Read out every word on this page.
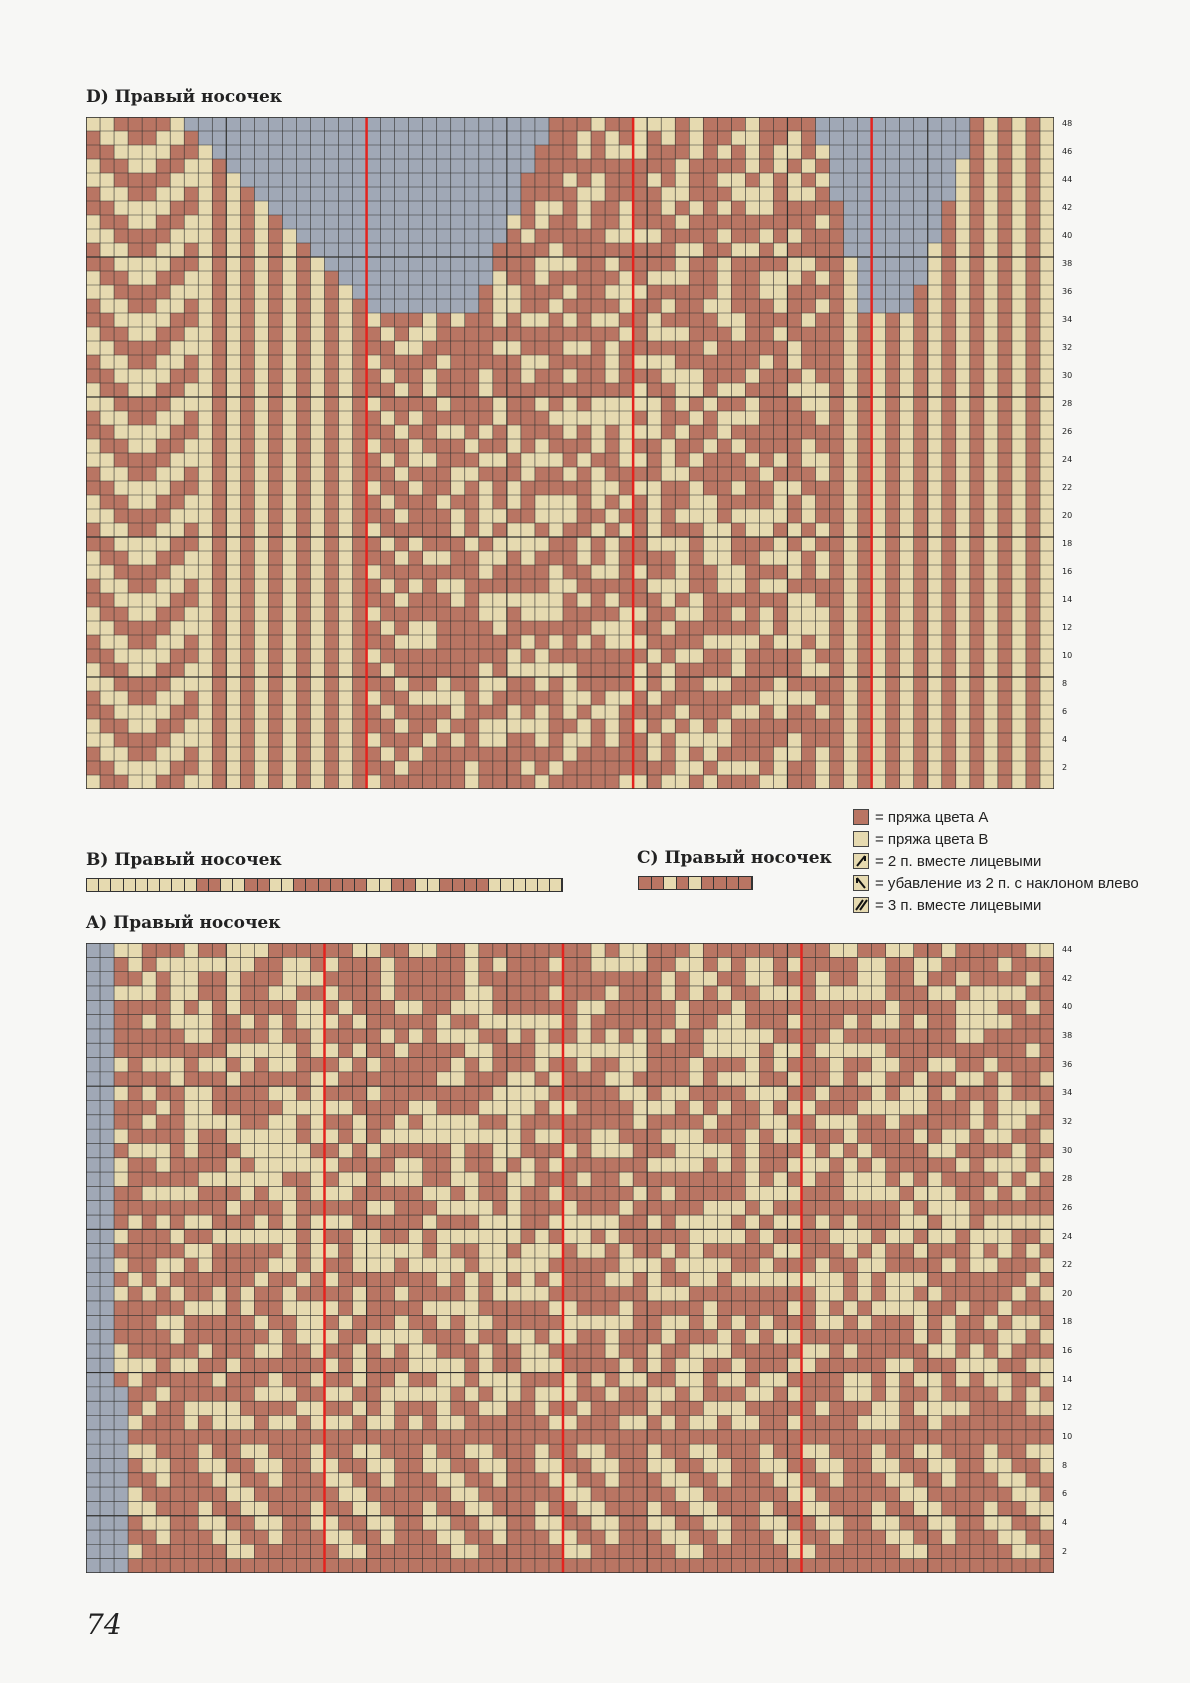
D) Правый носочек
2
4
6
8
10
12
14
16
18
20
22
24
26
28
30
32
34
36
38
40
42
44
46
48
B) Правый носочек	C) Правый носочек
= пряжа цвета А
= пряжа цвета В
= 2 п. вместе лицевыми
= убавление из 2 п. с наклоном влево
= 3 п. вместе лицевыми
A) Правый носочек
2
4
6
8
10
12
14
16
18
20
22
24
26
28
30
32
34
36
38
40
42
44
74
